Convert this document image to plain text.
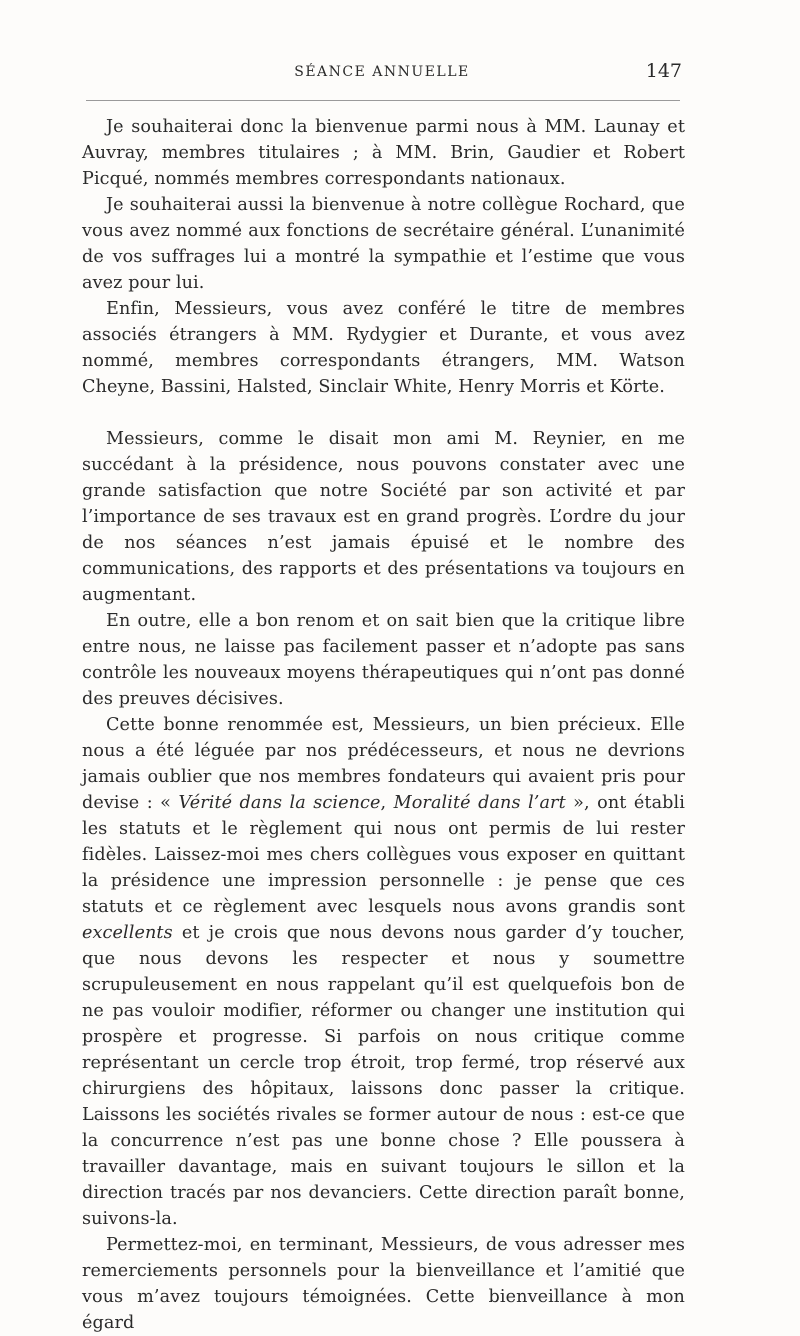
SÉANCE ANNUELLE	147

Je souhaiterai donc la bienvenue parmi nous à MM. Launay et Auvray, membres titulaires ; à MM. Brin, Gaudier et Robert Picqué, nommés membres correspondants nationaux.

Je souhaiterai aussi la bienvenue à notre collègue Rochard, que vous avez nommé aux fonctions de secrétaire général. L’unanimité de vos suffrages lui a montré la sympathie et l’estime que vous avez pour lui.

Enfin, Messieurs, vous avez conféré le titre de membres associés étrangers à MM. Rydygier et Durante, et vous avez nommé, membres correspondants étrangers, MM. Watson Cheyne, Bassini, Halsted, Sinclair White, Henry Morris et Körte.

Messieurs, comme le disait mon ami M. Reynier, en me succédant à la présidence, nous pouvons constater avec une grande satisfaction que notre Société par son activité et par l’importance de ses travaux est en grand progrès. L’ordre du jour de nos séances n’est jamais épuisé et le nombre des communications, des rapports et des présentations va toujours en augmentant.

En outre, elle a bon renom et on sait bien que la critique libre entre nous, ne laisse pas facilement passer et n’adopte pas sans contrôle les nouveaux moyens thérapeutiques qui n’ont pas donné des preuves décisives.

Cette bonne renommée est, Messieurs, un bien précieux. Elle nous a été léguée par nos prédécesseurs, et nous ne devrions jamais oublier que nos membres fondateurs qui avaient pris pour devise : « Vérité dans la science, Moralité dans l’art », ont établi les statuts et le règlement qui nous ont permis de lui rester fidèles. Laissez-moi mes chers collègues vous exposer en quittant la présidence une impression personnelle : je pense que ces statuts et ce règlement avec lesquels nous avons grandis sont excellents et je crois que nous devons nous garder d’y toucher, que nous devons les respecter et nous y soumettre scrupuleusement en nous rappelant qu’il est quelquefois bon de ne pas vouloir modifier, réformer ou changer une institution qui prospère et progresse. Si parfois on nous critique comme représentant un cercle trop étroit, trop fermé, trop réservé aux chirurgiens des hôpitaux, laissons donc passer la critique. Laissons les sociétés rivales se former autour de nous : est-ce que la concurrence n’est pas une bonne chose ? Elle poussera à travailler davantage, mais en suivant toujours le sillon et la direction tracés par nos devanciers. Cette direction paraît bonne, suivons-la.

Permettez-moi, en terminant, Messieurs, de vous adresser mes remerciements personnels pour la bienveillance et l’amitié que vous m’avez toujours témoignées. Cette bienveillance à mon égard
